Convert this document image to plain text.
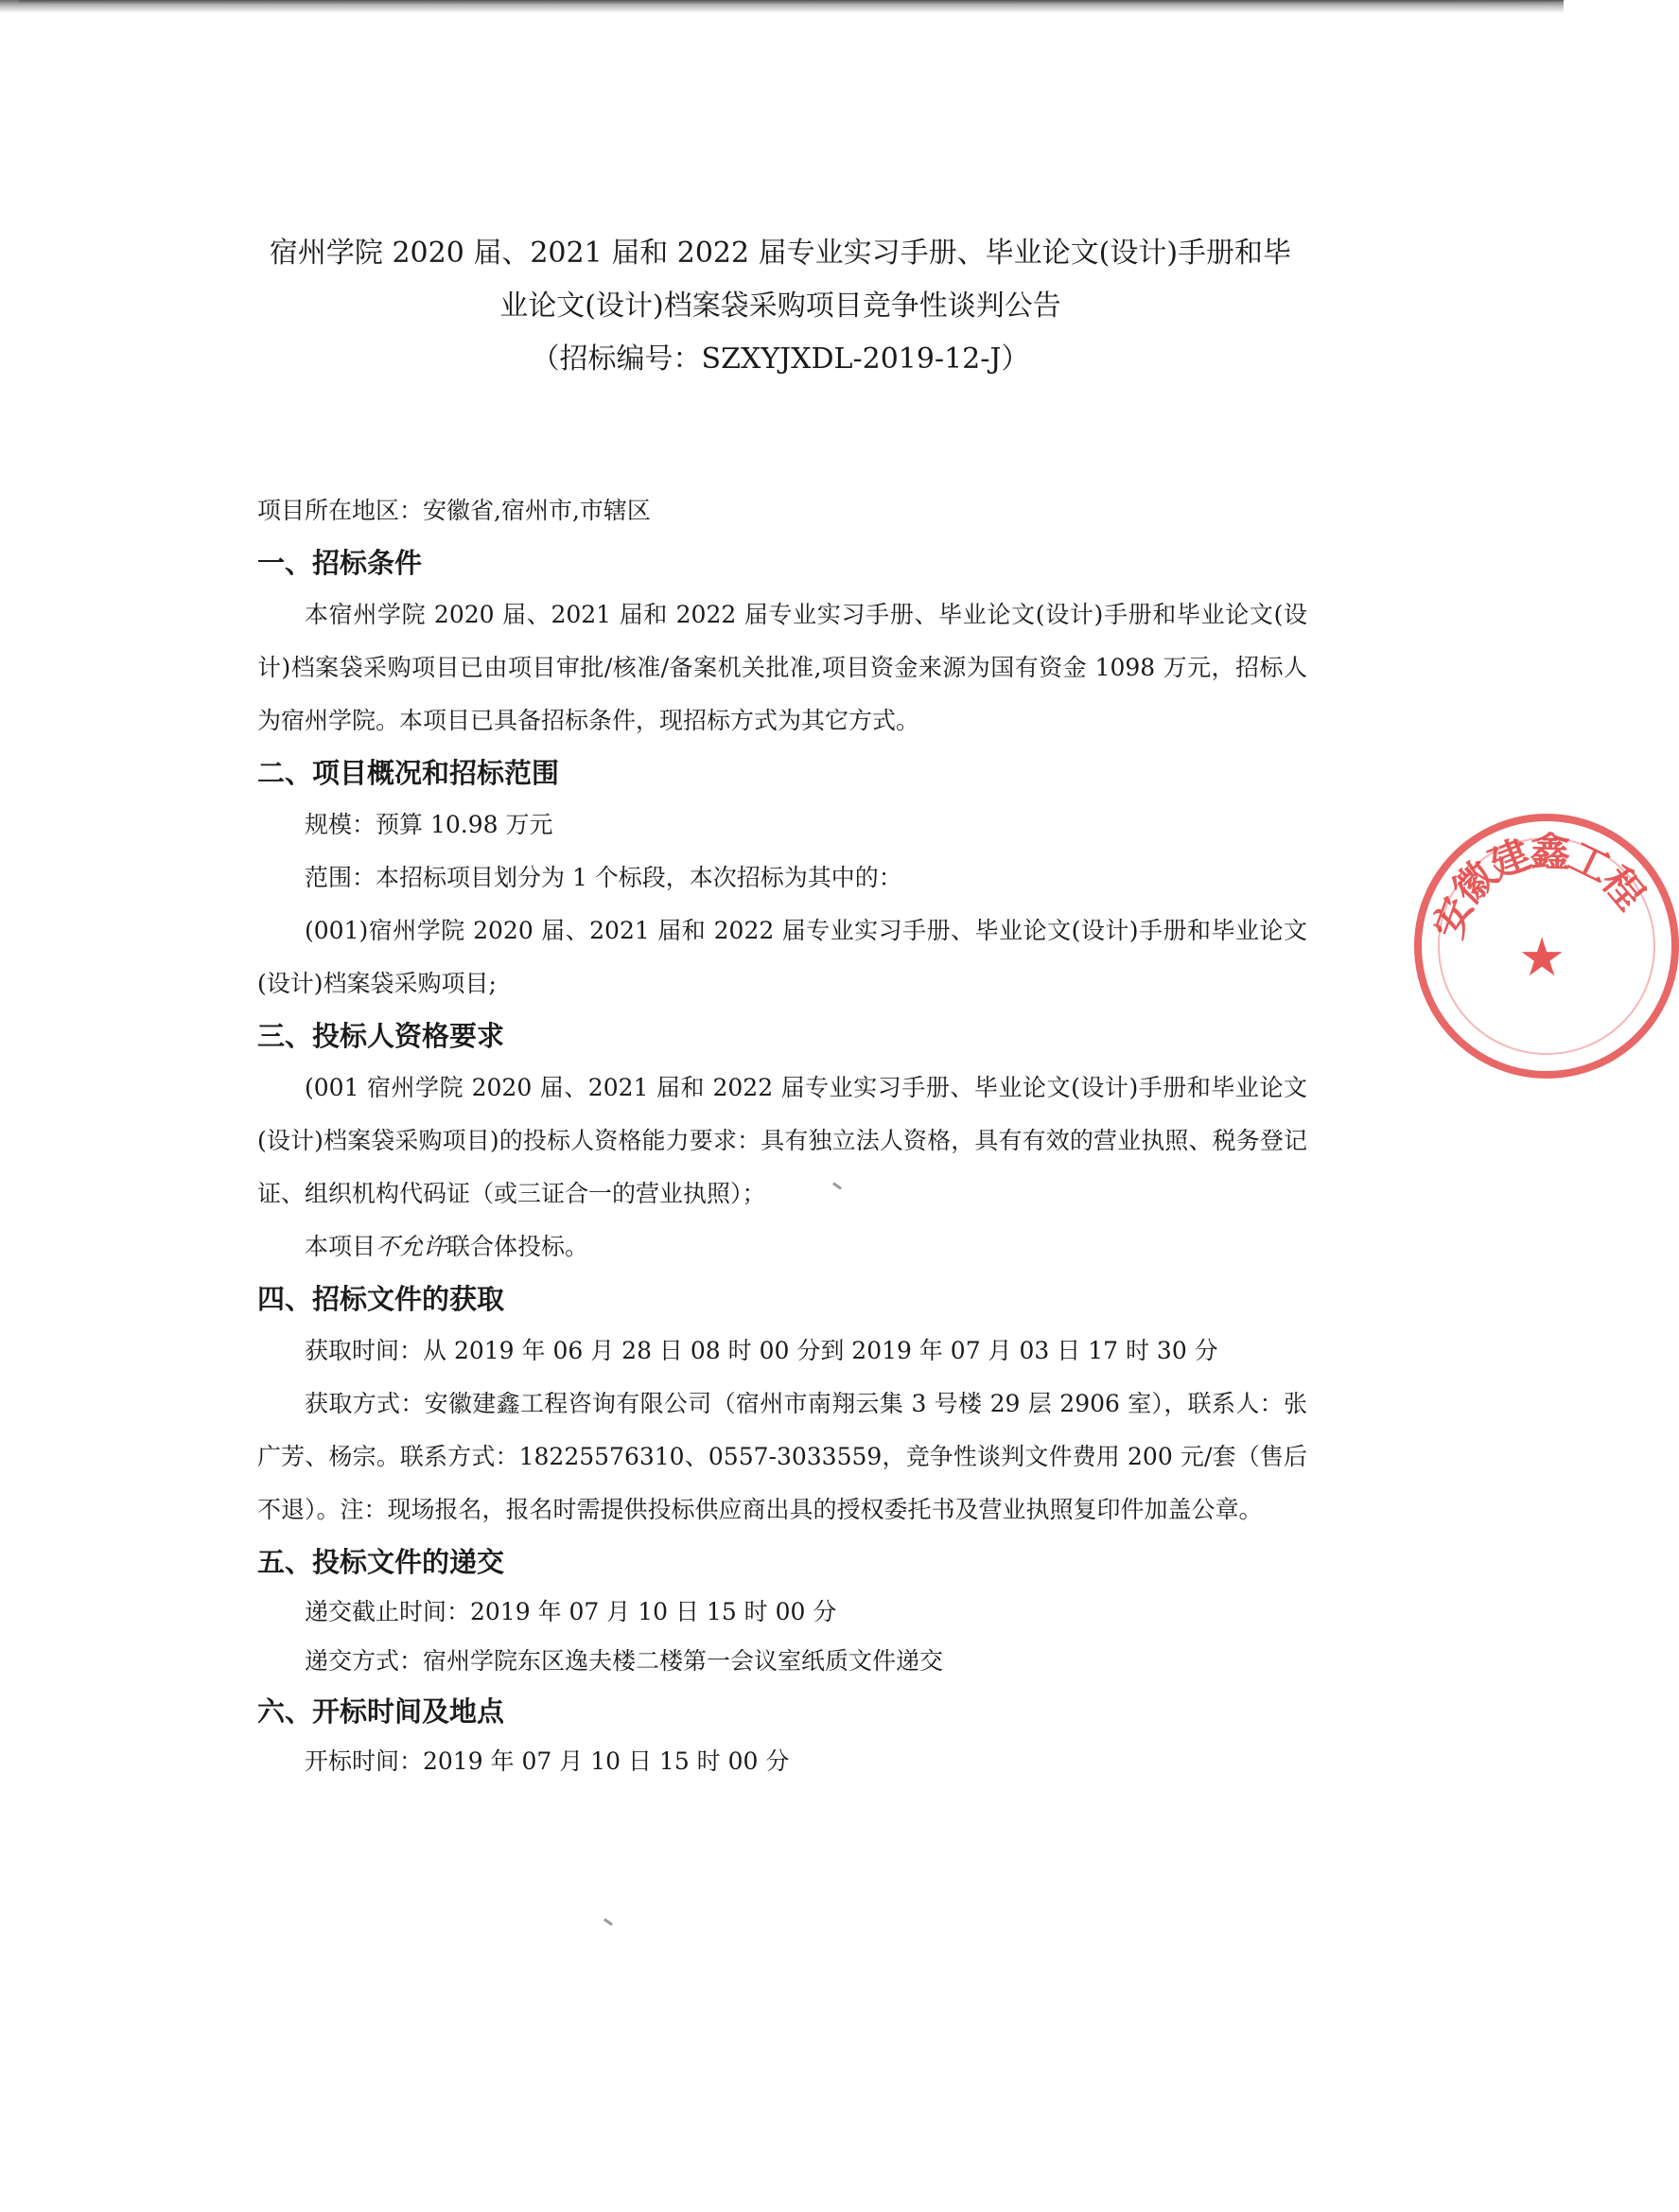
宿州学院 2020 届、2021 届和 2022 届专业实习手册、毕业论文(设计)手册和毕

业论文(设计)档案袋采购项目竞争性谈判公告

（招标编号：SZXYJXDL-2019-12-J）

项目所在地区：安徽省,宿州市,市辖区

一、招标条件

本宿州学院 2020 届、2021 届和 2022 届专业实习手册、毕业论文(设计)手册和毕业论文(设计)档案袋采购项目已由项目审批/核准/备案机关批准,项目资金来源为国有资金 1098 万元，招标人为宿州学院。本项目已具备招标条件，现招标方式为其它方式。

二、项目概况和招标范围

规模：预算 10.98 万元

范围：本招标项目划分为 1 个标段，本次招标为其中的：

(001)宿州学院 2020 届、2021 届和 2022 届专业实习手册、毕业论文(设计)手册和毕业论文(设计)档案袋采购项目;

三、投标人资格要求

(001 宿州学院 2020 届、2021 届和 2022 届专业实习手册、毕业论文(设计)手册和毕业论文(设计)档案袋采购项目)的投标人资格能力要求：具有独立法人资格，具有有效的营业执照、税务登记证、组织机构代码证（或三证合一的营业执照）；

本项目不允许联合体投标。

四、招标文件的获取

获取时间：从 2019 年 06 月 28 日 08 时 00 分到 2019 年 07 月 03 日 17 时 30 分

获取方式：安徽建鑫工程咨询有限公司（宿州市南翔云集 3 号楼 29 层 2906 室），联系人：张广芳、杨宗。联系方式：18225576310、0557-3033559，竞争性谈判文件费用 200 元/套（售后不退）。注：现场报名，报名时需提供投标供应商出具的授权委托书及营业执照复印件加盖公章。

五、投标文件的递交

递交截止时间：2019 年 07 月 10 日 15 时 00 分

递交方式：宿州学院东区逸夫楼二楼第一会议室纸质文件递交

六、开标时间及地点

开标时间：2019 年 07 月 10 日 15 时 00 分

★
安
徽
建
鑫
工
程
